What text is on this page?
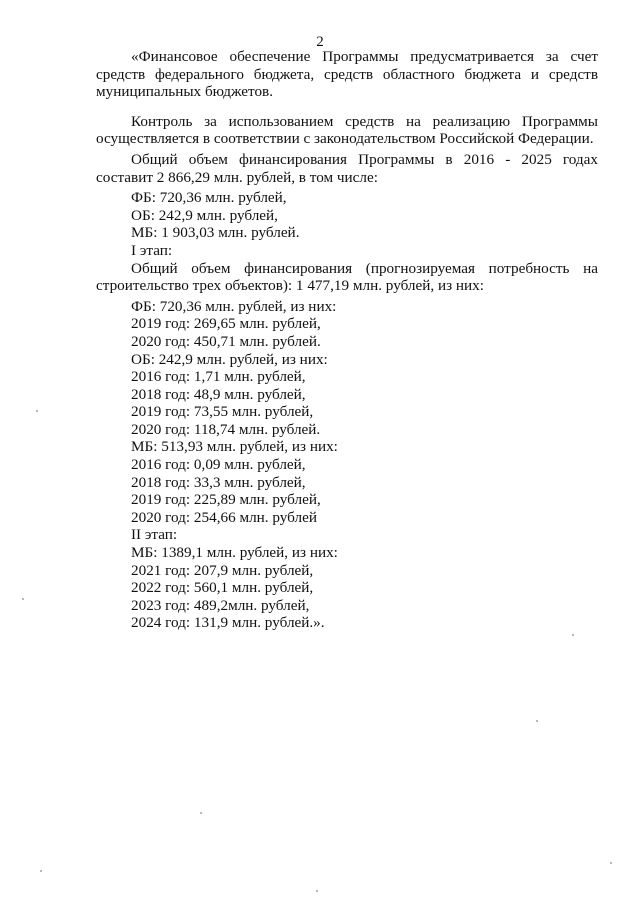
2

«Финансовое обеспечение Программы предусматривается за счет средств федерального бюджета, средств областного бюджета и средств муниципальных бюджетов.

Контроль за использованием средств на реализацию Программы осуществляется в соответствии с законодательством Российской Федерации.

Общий объем финансирования Программы в 2016 - 2025 годах составит 2 866,29 млн. рублей, в том числе:

ФБ: 720,36 млн. рублей,

ОБ: 242,9 млн. рублей,

МБ: 1 903,03 млн. рублей.

I этап:

Общий объем финансирования (прогнозируемая потребность на строительство трех объектов): 1 477,19 млн. рублей, из них:

ФБ: 720,36 млн. рублей, из них:

2019 год: 269,65 млн. рублей,

2020 год: 450,71 млн. рублей.

ОБ: 242,9 млн. рублей, из них:

2016 год: 1,71 млн. рублей,

2018 год: 48,9 млн. рублей,

2019 год: 73,55 млн. рублей,

2020 год: 118,74 млн. рублей.

МБ: 513,93 млн. рублей, из них:

2016 год: 0,09 млн. рублей,

2018 год: 33,3 млн. рублей,

2019 год: 225,89 млн. рублей,

2020 год: 254,66 млн. рублей

II этап:

МБ: 1389,1 млн. рублей, из них:

2021 год: 207,9 млн. рублей,

2022 год: 560,1 млн. рублей,

2023 год: 489,2млн. рублей,

2024 год: 131,9 млн. рублей.».
